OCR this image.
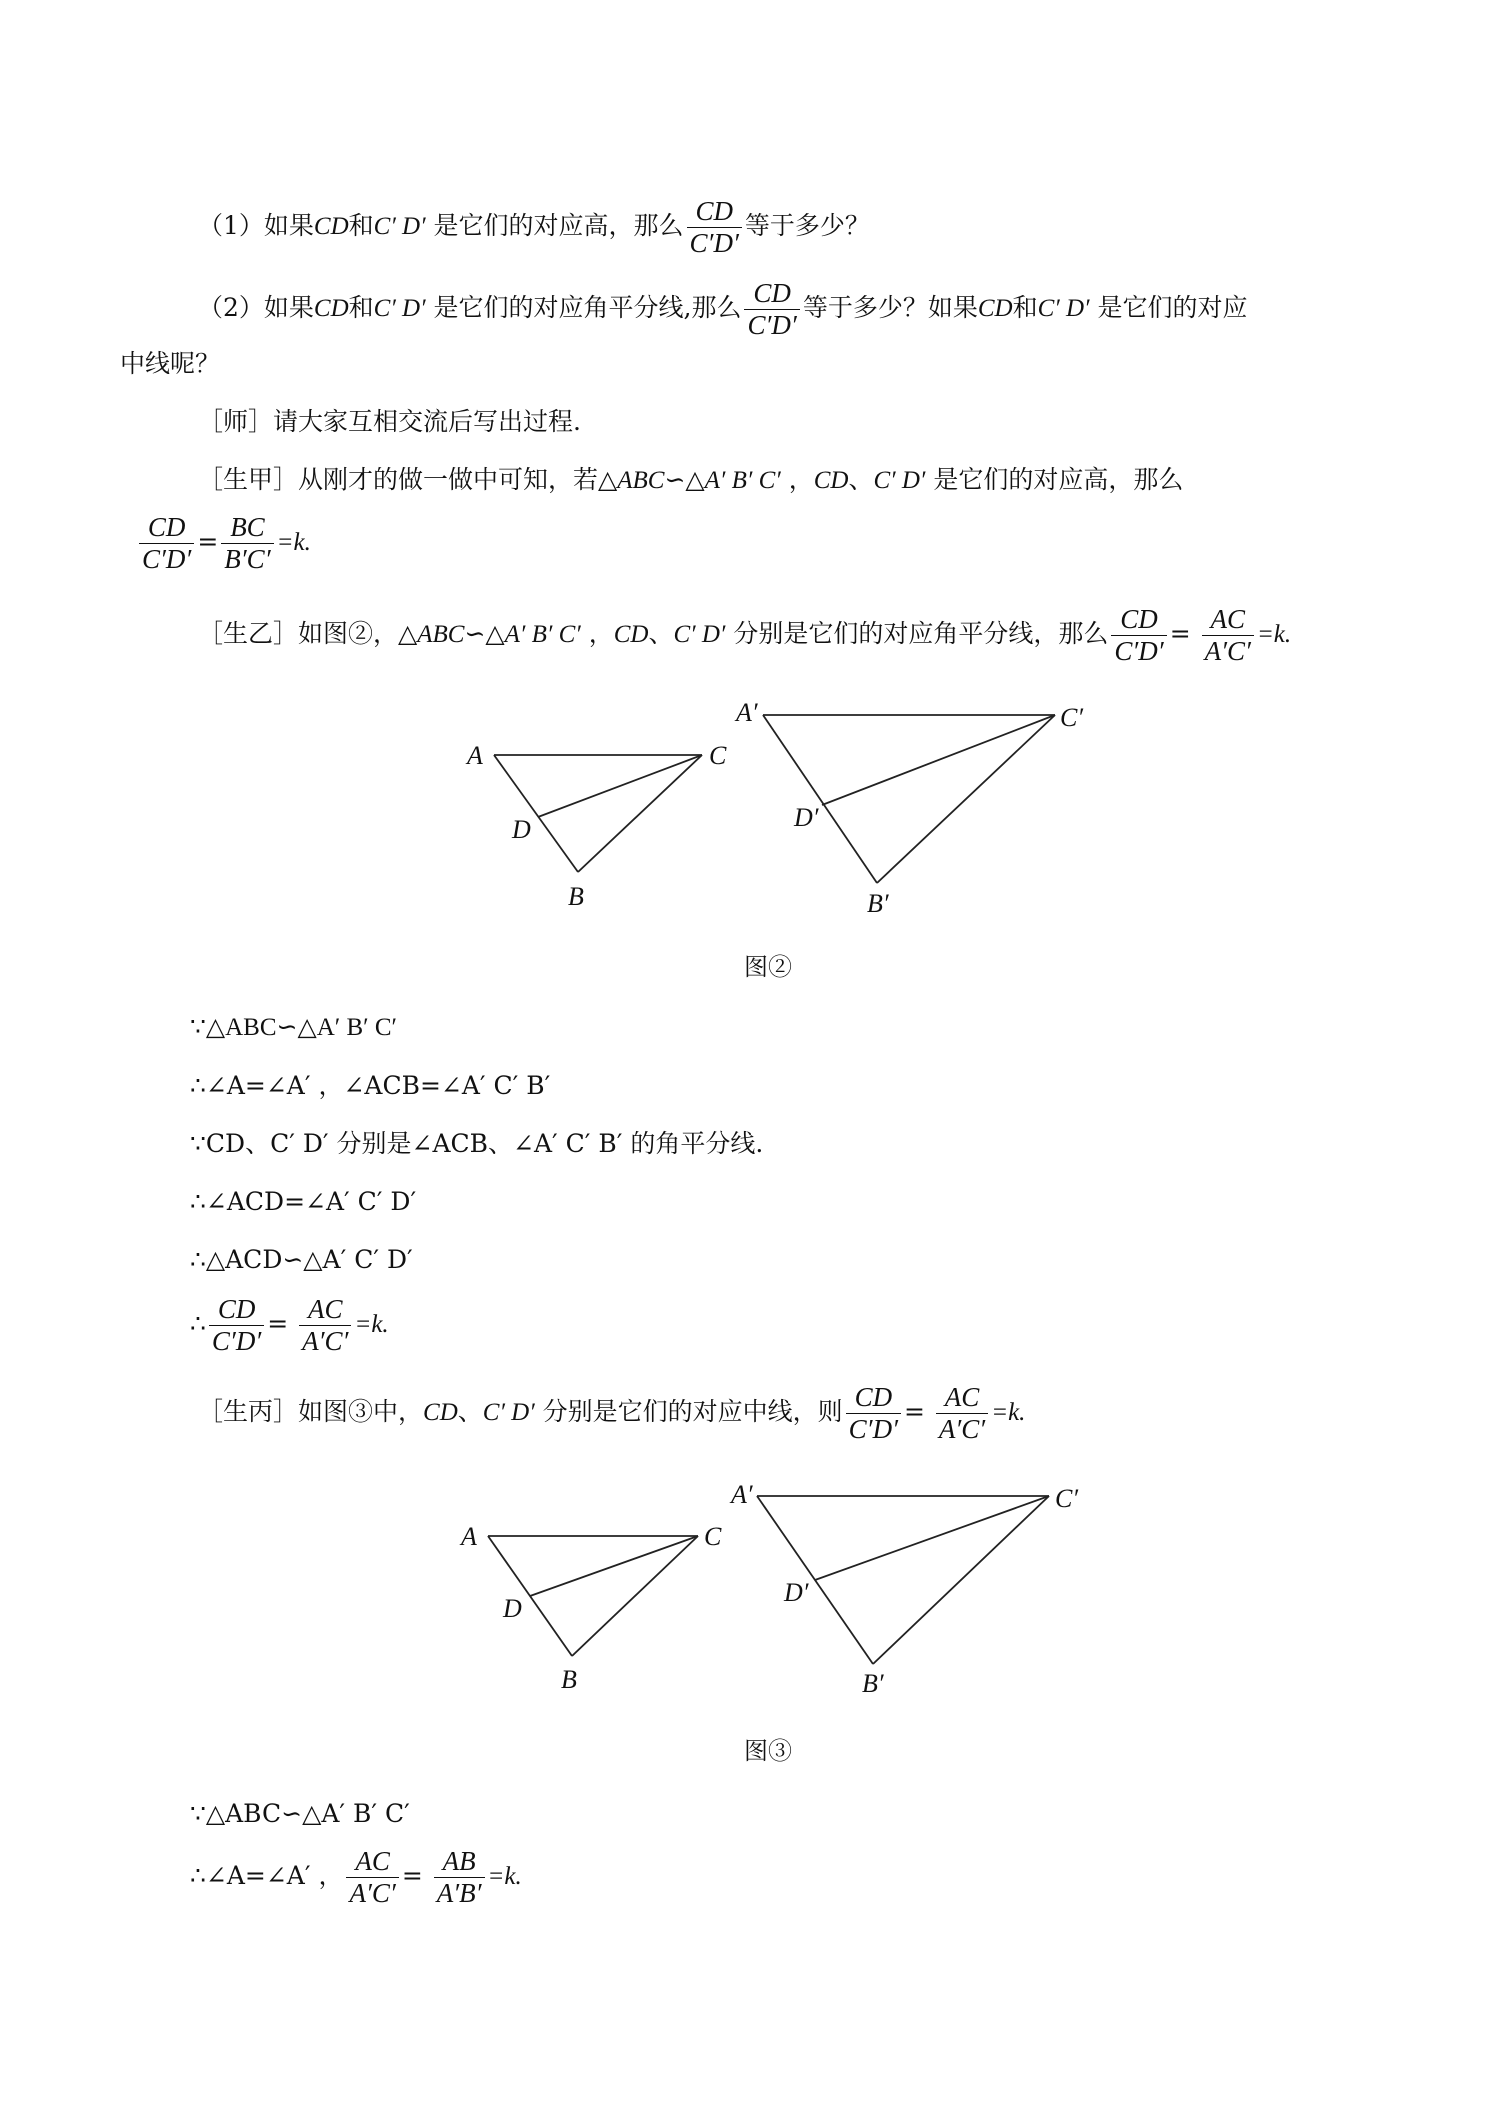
（1）如果CD和C′ D′ 是它们的对应高，那么 $\frac{CD}{C'D'}$ 等于多少？
（2）如果CD和C′ D′ 是它们的对应角平分线,那么 $\frac{CD}{C'D'}$ 等于多少？如果CD和C′ D′ 是它们的对应
中线呢？
［师］请大家互相交流后写出过程.
［生甲］从刚才的做一做中可知，若△ABC∽△A′ B′ C′ ，CD、C′ D′ 是它们的对应高，那么
$\frac{CD}{C'D'} = \frac{BC}{B'C'} =k$.
［生乙］如图②，△ABC∽△A′ B′ C′ ，CD、C′ D′ 分别是它们的对应角平分线，那么 $\frac{CD}{C'D'} = \frac{AC}{A'C'} =k$.
A	C
D
B
A′	C′
D′
B′
图②
∵△ABC∽△A′ B′ C′
∴∠A=∠A′ ，∠ACB=∠A′ C′ B′
∵CD、C′ D′ 分别是∠ACB、∠A′ C′ B′ 的角平分线.
∴∠ACD=∠A′ C′ D′
∴△ACD∽△A′ C′ D′
∴ $\frac{CD}{C'D'} = \frac{AC}{A'C'} =k$.
［生丙］如图③中，CD、C′ D′ 分别是它们的对应中线，则 $\frac{CD}{C'D'} = \frac{AC}{A'C'} =k$.
A	C
D
B
A′	C′
D′
B′
图③
∵△ABC∽△A′ B′ C′
∴∠A=∠A′ ， $\frac{AC}{A'C'} = \frac{AB}{A'B'} =k$.
